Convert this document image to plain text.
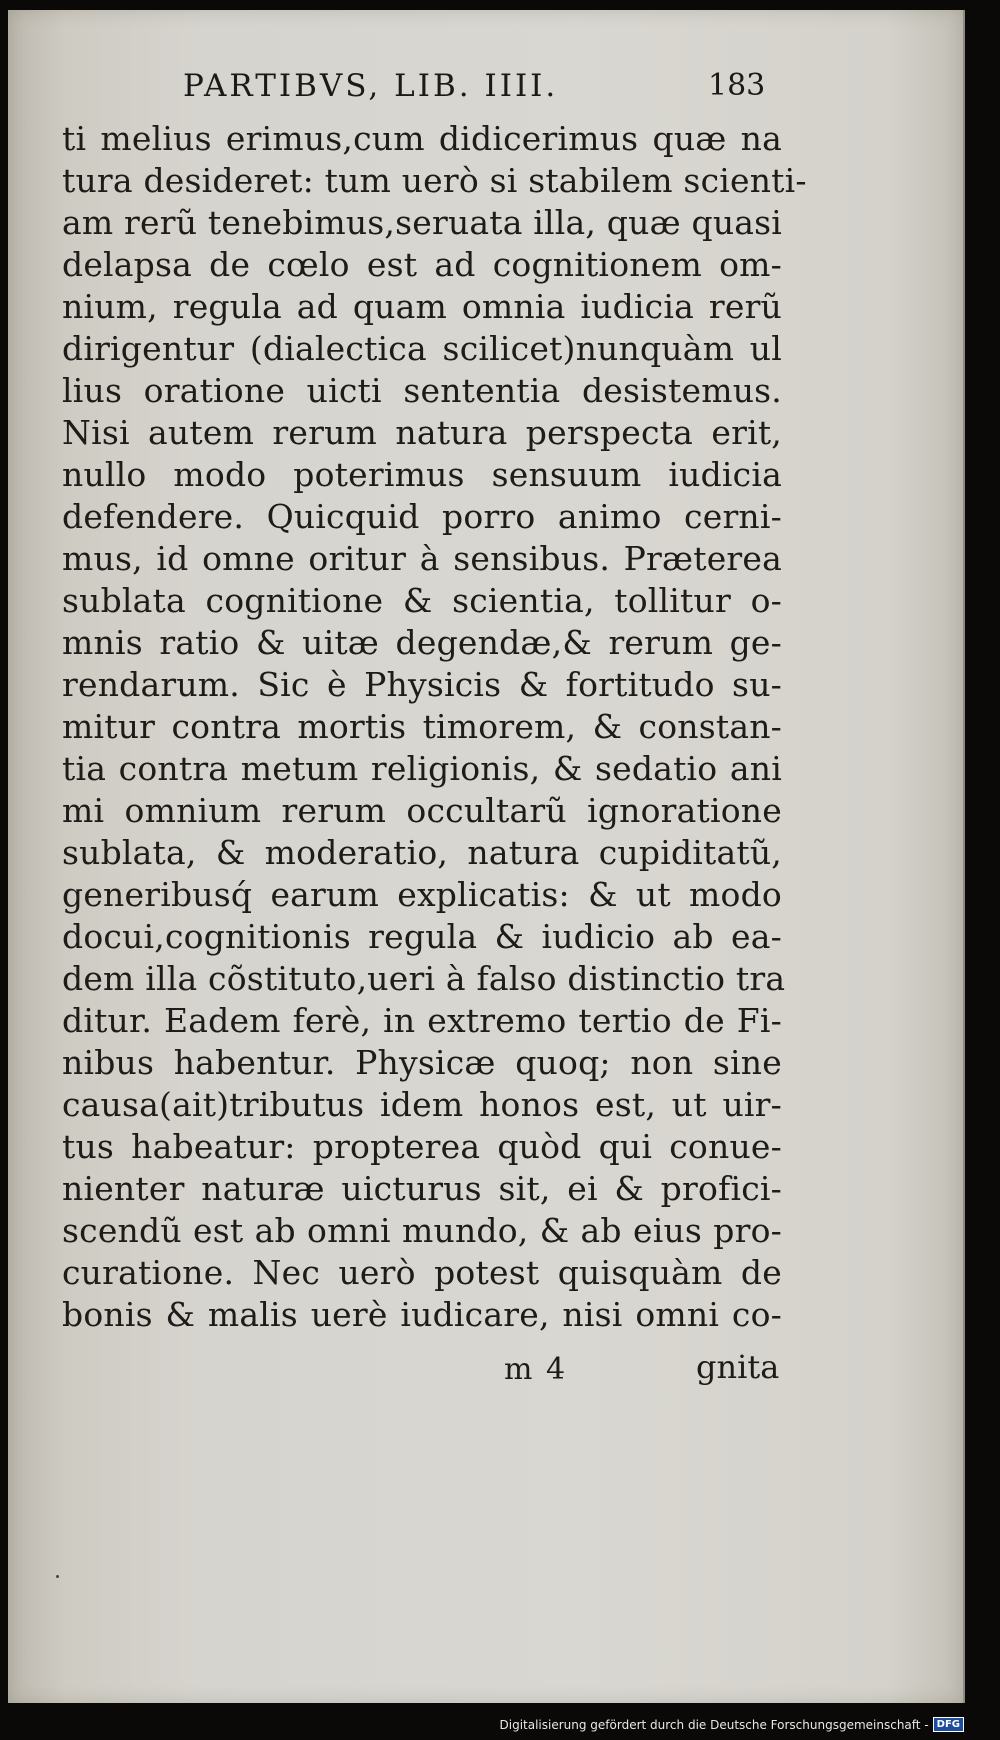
PARTIBVS, LIB. IIII.	183
ti melius erimus,cum didicerimus quæ na
tura desideret: tum uerò si stabilem scienti-
am rerũ tenebimus,seruata illa, quæ quasi
delapsa de cœlo est ad cognitionem om-
nium, regula ad quam omnia iudicia rerũ
dirigentur (dialectica scilicet)nunquàm ul
lius oratione uicti sententia desistemus.
Nisi autem rerum natura perspecta erit,
nullo modo poterimus sensuum iudicia
defendere. Quicquid porro animo cerni-
mus, id omne oritur à sensibus. Præterea
sublata cognitione & scientia, tollitur o-
mnis ratio & uitæ degendæ,& rerum ge-
rendarum. Sic è Physicis & fortitudo su-
mitur contra mortis timorem, & constan-
tia contra metum religionis, & sedatio ani
mi omnium rerum occultarũ ignoratione
sublata, & moderatio, natura cupiditatũ,
generibusq́ earum explicatis: & ut modo
docui,cognitionis regula & iudicio ab ea-
dem illa cõstituto,ueri à falso distinctio tra
ditur. Eadem ferè, in extremo tertio de Fi-
nibus habentur. Physicæ quoq; non sine
causa(ait)tributus idem honos est, ut uir-
tus habeatur: propterea quòd qui conue-
nienter naturæ uicturus sit, ei & profici-
scendũ est ab omni mundo, & ab eius pro-
curatione. Nec uerò potest quisquàm de
bonis & malis uerè iudicare, nisi omni co-
m 4	gnita
Digitalisierung gefördert durch die Deutsche Forschungsgemeinschaft - DFG
